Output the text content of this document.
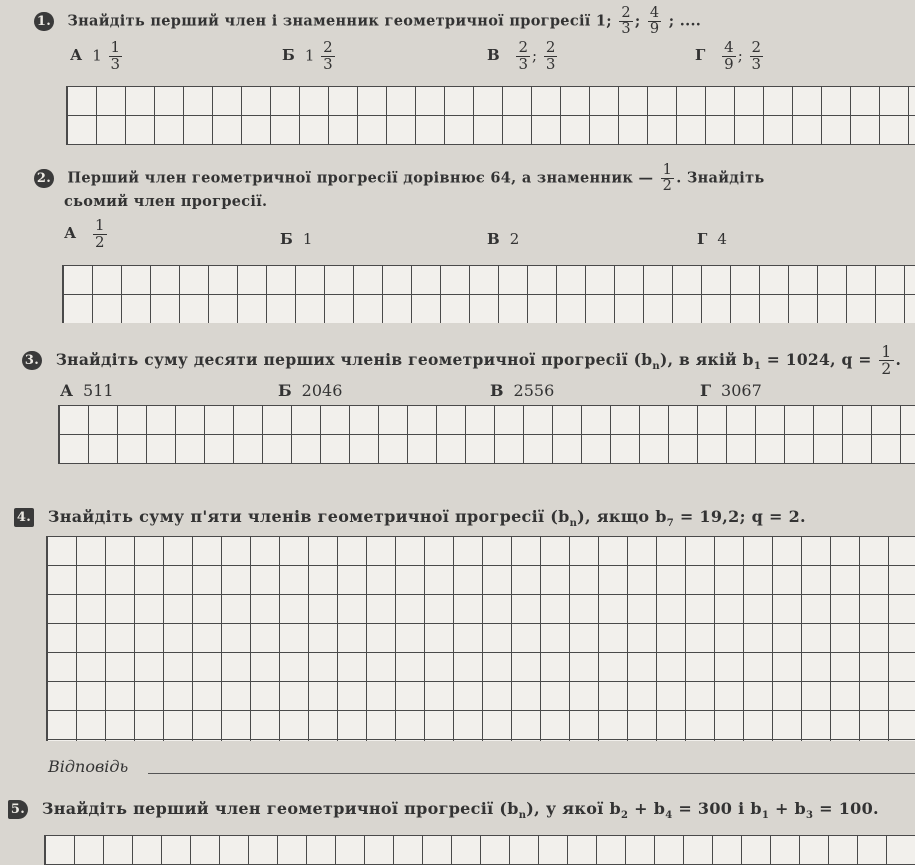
1. Знайдіть перший член і знаменник геометричної прогресії 1; $\frac{2}{3}$ ; $\frac{4}{9}$ ; ....
А $1 \frac{1}{3}$	Б $1 \frac{2}{3}$	В $\frac{2}{3}$ ; $\frac{2}{3}$	Г $\frac{4}{9}$ ; $\frac{2}{3}$
2. Перший член геометричної прогресії дорівнює 64, а знаменник — $\frac{1}{2}$ . Знайдіть
сьомий член прогресії.
А $\frac{1}{2}$	Б 1	В 2	Г 4
3. Знайдіть суму десяти перших членів геометричної прогресії $(b_n)$, в якій $b_1 = 1024$, $q = \frac{1}{2}$ .
А 511	Б 2046	В 2556	Г 3067
4. Знайдіть суму п'яти членів геометричної прогресії $(b_n)$, якщо $b_7 = 19,2$; q = 2.
Відповідь
5. Знайдіть перший член геометричної прогресії $(b_n)$, у якої $b_2 + b_4 = 300$ і $b_1 + b_3 = 100$.
